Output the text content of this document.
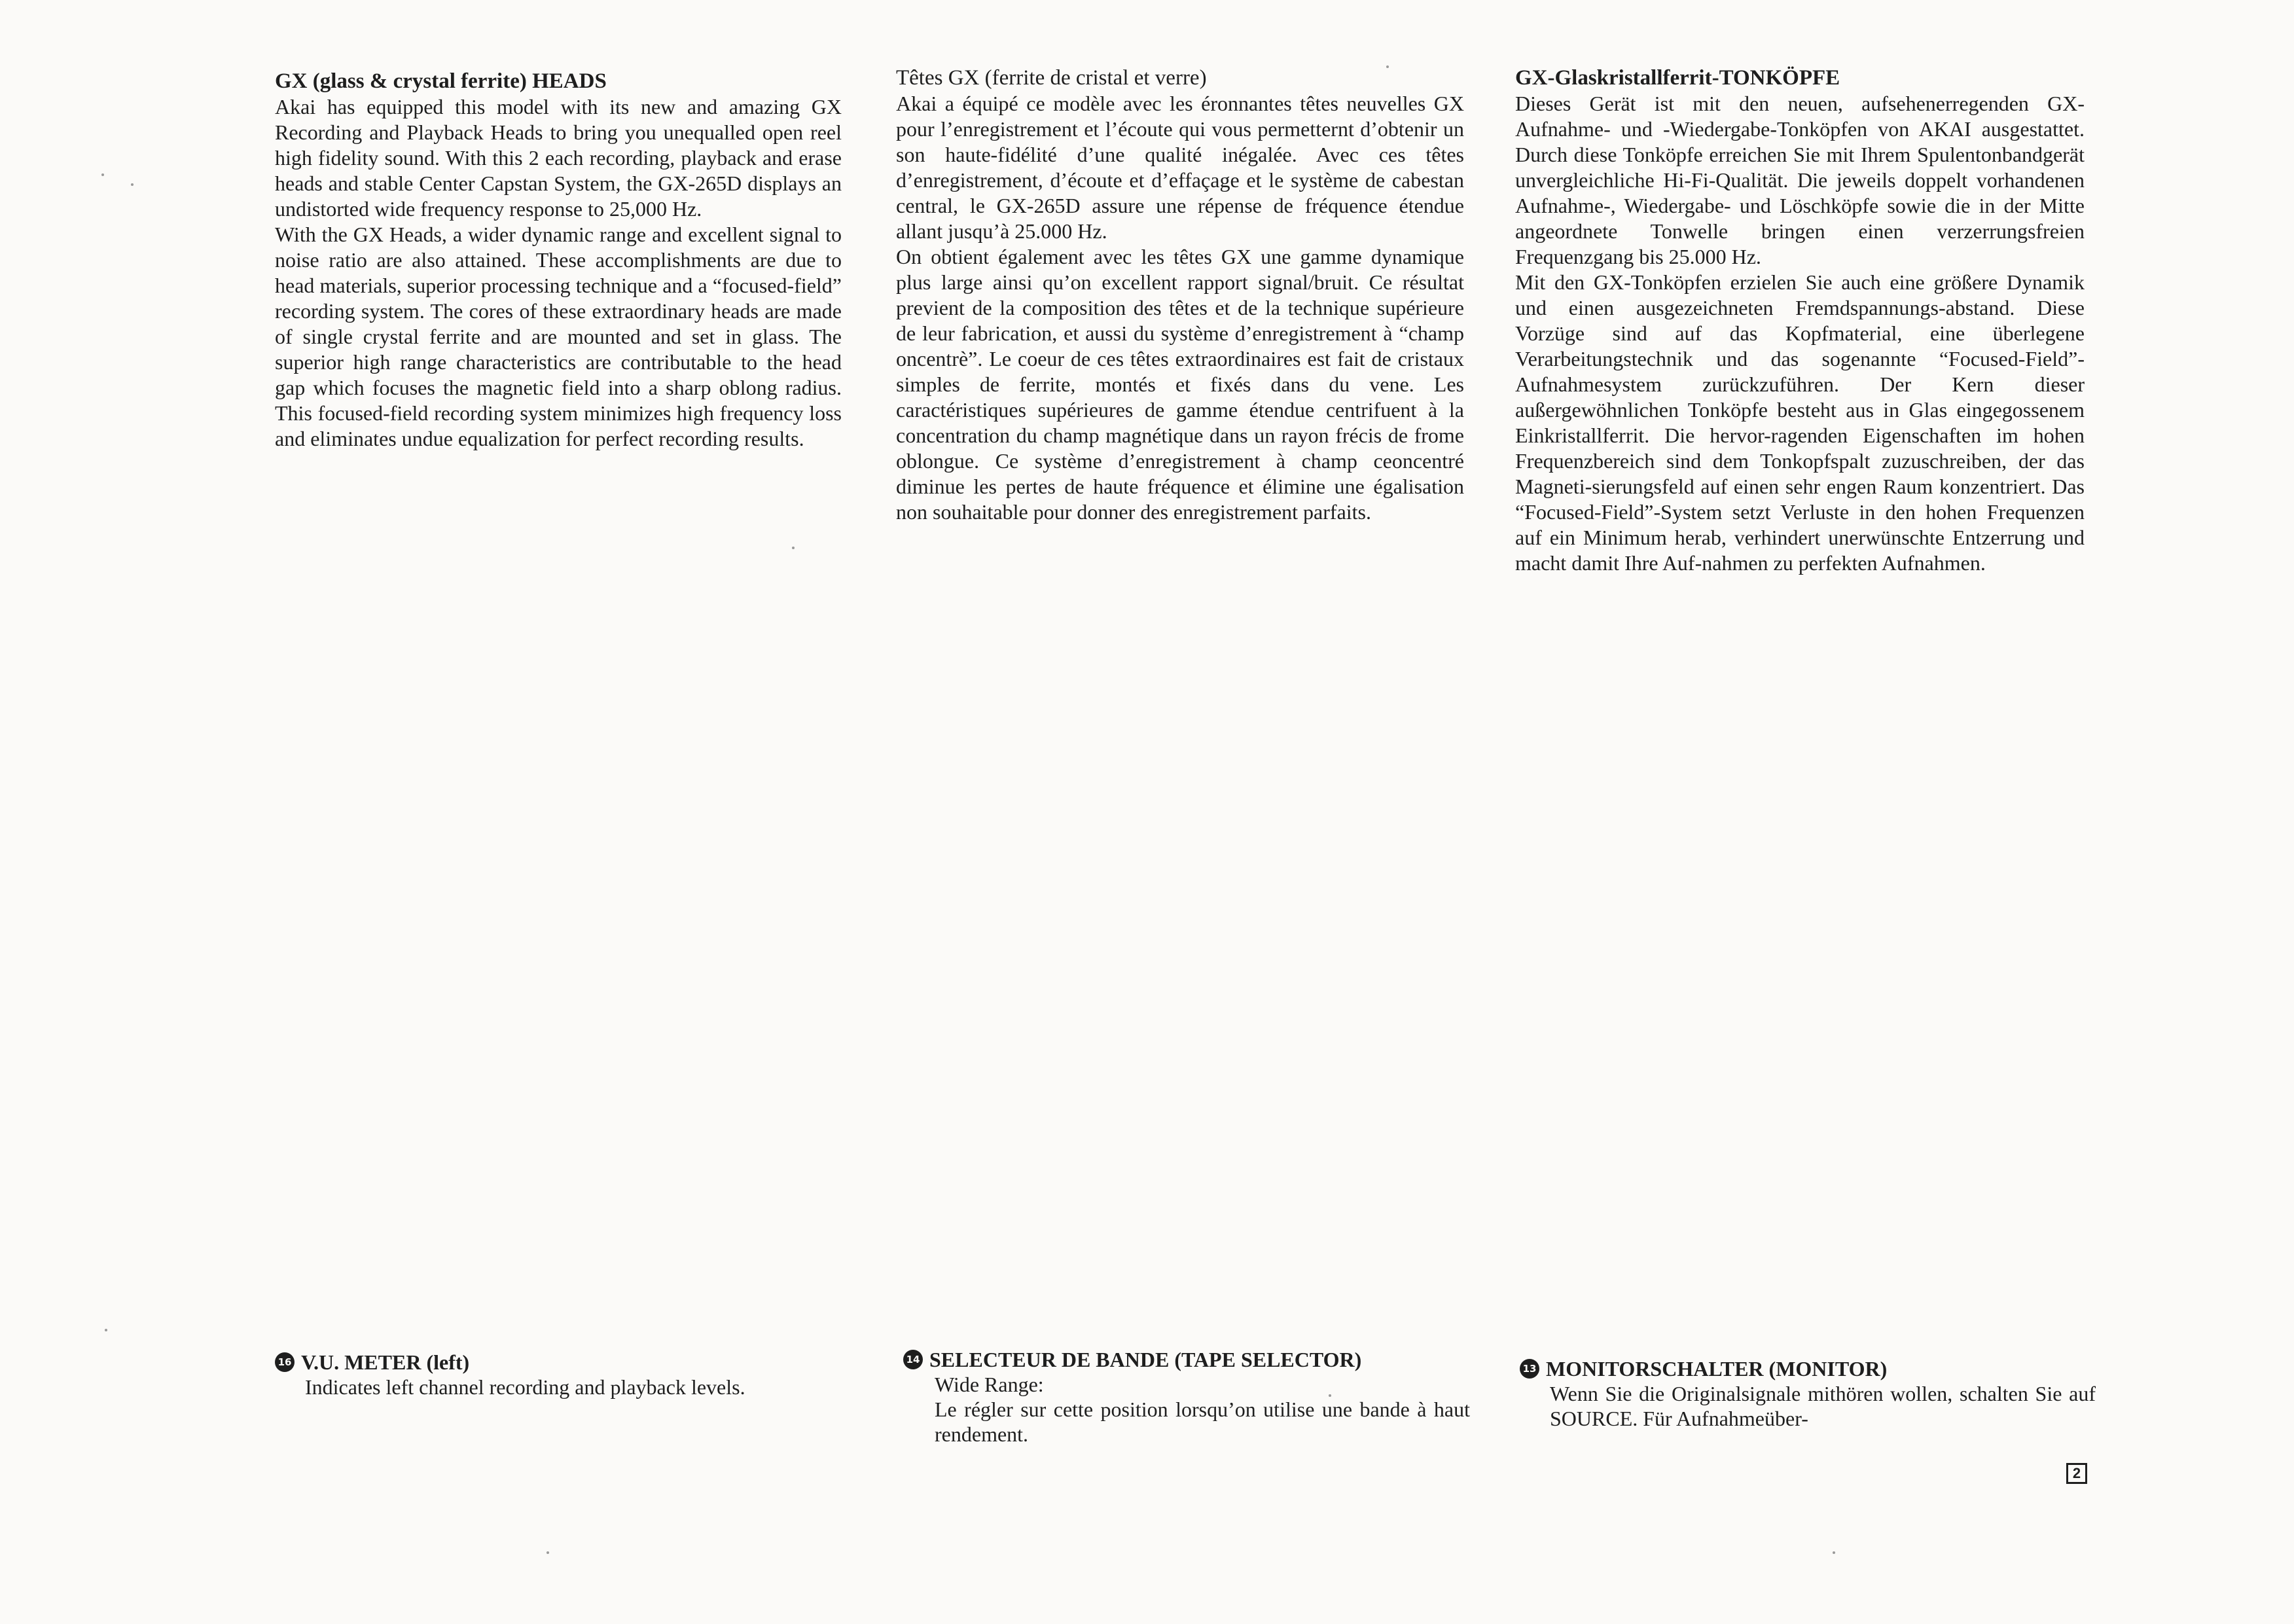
GX (glass & crystal ferrite) HEADS

Akai has equipped this model with its new and amazing GX Recording and Playback Heads to bring you unequalled open reel high fidelity sound. With this 2 each recording, playback and erase heads and stable Center Capstan System, the GX-265D displays an undistorted wide frequency response to 25,000 Hz.

With the GX Heads, a wider dynamic range and excellent signal to noise ratio are also attained. These accomplishments are due to head materials, superior processing technique and a “focused-field” recording system. The cores of these extraordinary heads are made of single crystal ferrite and are mounted and set in glass. The superior high range characteristics are contributable to the head gap which focuses the magnetic field into a sharp oblong radius. This focused-field recording system minimizes high frequency loss and eliminates undue equalization for perfect recording results.

Têtes GX (ferrite de cristal et verre)

Akai a équipé ce modèle avec les éronnantes têtes neuvelles GX pour l’enregistrement et l’écoute qui vous permetternt d’obtenir un son haute-fidélité d’une qualité inégalée. Avec ces têtes d’enregistrement, d’écoute et d’effaçage et le système de cabestan central, le GX-265D assure une répense de fréquence étendue allant jusqu’à 25.000 Hz.

On obtient également avec les têtes GX une gamme dynamique plus large ainsi qu’on excellent rapport signal/bruit. Ce résultat previent de la composition des têtes et de la technique supérieure de leur fabrication, et aussi du système d’enregistrement à “champ oncentrè”. Le coeur de ces têtes extraordinaires est fait de cristaux simples de ferrite, montés et fixés dans du vene. Les caractéristiques supérieures de gamme étendue centrifuent à la concentration du champ magnétique dans un rayon frécis de frome oblongue. Ce système d’enregistrement à champ ceoncentré diminue les pertes de haute fréquence et élimine une égalisation non souhaitable pour donner des enregistrement parfaits.

GX-Glaskristallferrit-TONKÖPFE

Dieses Gerät ist mit den neuen, aufsehenerregenden GX-Aufnahme- und -Wiedergabe-Tonköpfen von AKAI ausgestattet. Durch diese Tonköpfe erreichen Sie mit Ihrem Spulentonbandgerät unvergleichliche Hi-Fi-Qualität. Die jeweils doppelt vorhandenen Aufnahme-, Wiedergabe- und Löschköpfe sowie die in der Mitte angeordnete Tonwelle bringen einen verzerrungsfreien Frequenzgang bis 25.000 Hz.

Mit den GX-Tonköpfen erzielen Sie auch eine größere Dynamik und einen ausgezeichneten Fremdspannungs-abstand. Diese Vorzüge sind auf das Kopfmaterial, eine überlegene Verarbeitungstechnik und das sogenannte “Focused-Field”-Aufnahmesystem zurückzuführen. Der Kern dieser außergewöhnlichen Tonköpfe besteht aus in Glas eingegossenem Einkristallferrit. Die hervor-ragenden Eigenschaften im hohen Frequenzbereich sind dem Tonkopfspalt zuzuschreiben, der das Magneti-sierungsfeld auf einen sehr engen Raum konzentriert. Das “Focused-Field”-System setzt Verluste in den hohen Frequenzen auf ein Minimum herab, verhindert unerwünschte Entzerrung und macht damit Ihre Auf-nahmen zu perfekten Aufnahmen.

16 V.U. METER (left)

Indicates left channel recording and playback levels.

14 SELECTEUR DE BANDE (TAPE SELECTOR)

Wide Range:

Le régler sur cette position lorsqu’on utilise une bande à haut rendement.

13 MONITORSCHALTER (MONITOR)

Wenn Sie die Originalsignale mithören wollen, schalten Sie auf SOURCE. Für Aufnahmeüber-

2
